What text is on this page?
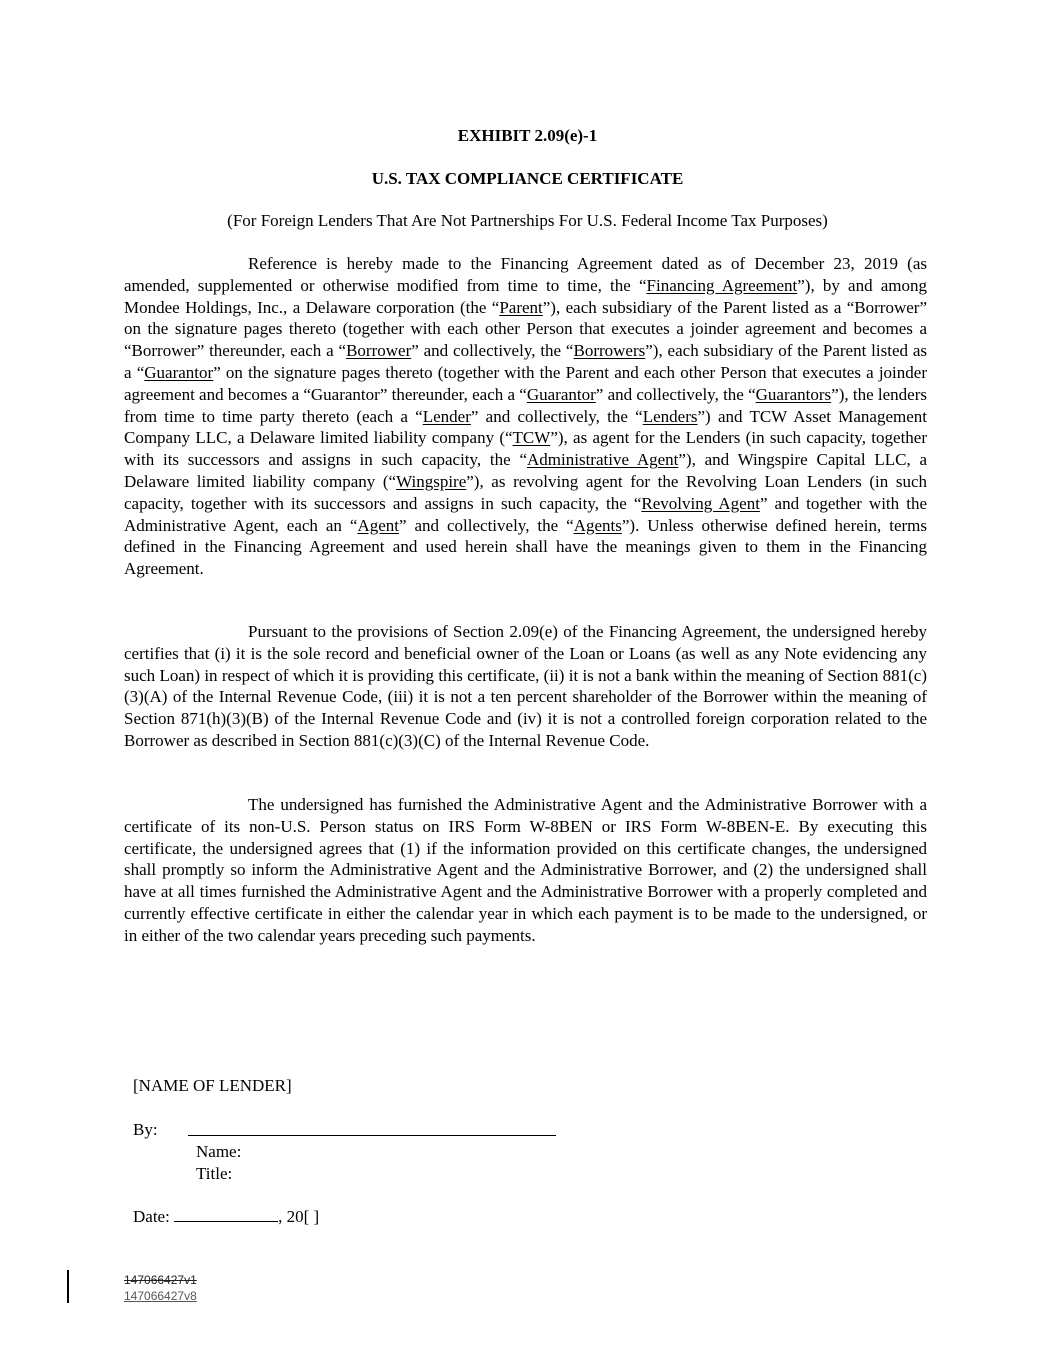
EXHIBIT 2.09(e)-1
U.S. TAX COMPLIANCE CERTIFICATE
(For Foreign Lenders That Are Not Partnerships For U.S. Federal Income Tax Purposes)

Reference is hereby made to the Financing Agreement dated as of December 23, 2019 (as amended, supplemented or otherwise modified from time to time, the “Financing Agreement”), by and among Mondee Holdings, Inc., a Delaware corporation (the “Parent”), each subsidiary of the Parent listed as a “Borrower” on the signature pages thereto (together with each other Person that executes a joinder agreement and becomes a “Borrower” thereunder, each a “Borrower” and collectively, the “Borrowers”), each subsidiary of the Parent listed as a “Guarantor” on the signature pages thereto (together with the Parent and each other Person that executes a joinder agreement and becomes a “Guarantor” thereunder, each a “Guarantor” and collectively, the “Guarantors”), the lenders from time to time party thereto (each a “Lender” and collectively, the “Lenders”) and TCW Asset Management Company LLC, a Delaware limited liability company (“TCW”), as agent for the Lenders (in such capacity, together with its successors and assigns in such capacity, the “Administrative Agent”), and Wingspire Capital LLC, a Delaware limited liability company (“Wingspire”), as revolving agent for the Revolving Loan Lenders (in such capacity, together with its successors and assigns in such capacity, the “Revolving Agent” and together with the Administrative Agent, each an “Agent” and collectively, the “Agents”). Unless otherwise defined herein, terms defined in the Financing Agreement and used herein shall have the meanings given to them in the Financing Agreement.

Pursuant to the provisions of Section 2.09(e) of the Financing Agreement, the undersigned hereby certifies that (i) it is the sole record and beneficial owner of the Loan or Loans (as well as any Note evidencing any such Loan) in respect of which it is providing this certificate, (ii) it is not a bank within the meaning of Section 881(c)(3)(A) of the Internal Revenue Code, (iii) it is not a ten percent shareholder of the Borrower within the meaning of Section 871(h)(3)(B) of the Internal Revenue Code and (iv) it is not a controlled foreign corporation related to the Borrower as described in Section 881(c)(3)(C) of the Internal Revenue Code.

The undersigned has furnished the Administrative Agent and the Administrative Borrower with a certificate of its non-U.S. Person status on IRS Form W-8BEN or IRS Form W-8BEN-E. By executing this certificate, the undersigned agrees that (1) if the information provided on this certificate changes, the undersigned shall promptly so inform the Administrative Agent and the Administrative Borrower, and (2) the undersigned shall have at all times furnished the Administrative Agent and the Administrative Borrower with a properly completed and currently effective certificate in either the calendar year in which each payment is to be made to the undersigned, or in either of the two calendar years preceding such payments.

[NAME OF LENDER]
By:
Name:
Title:
Date:	, 20[ ]
147066427v1
147066427v8
